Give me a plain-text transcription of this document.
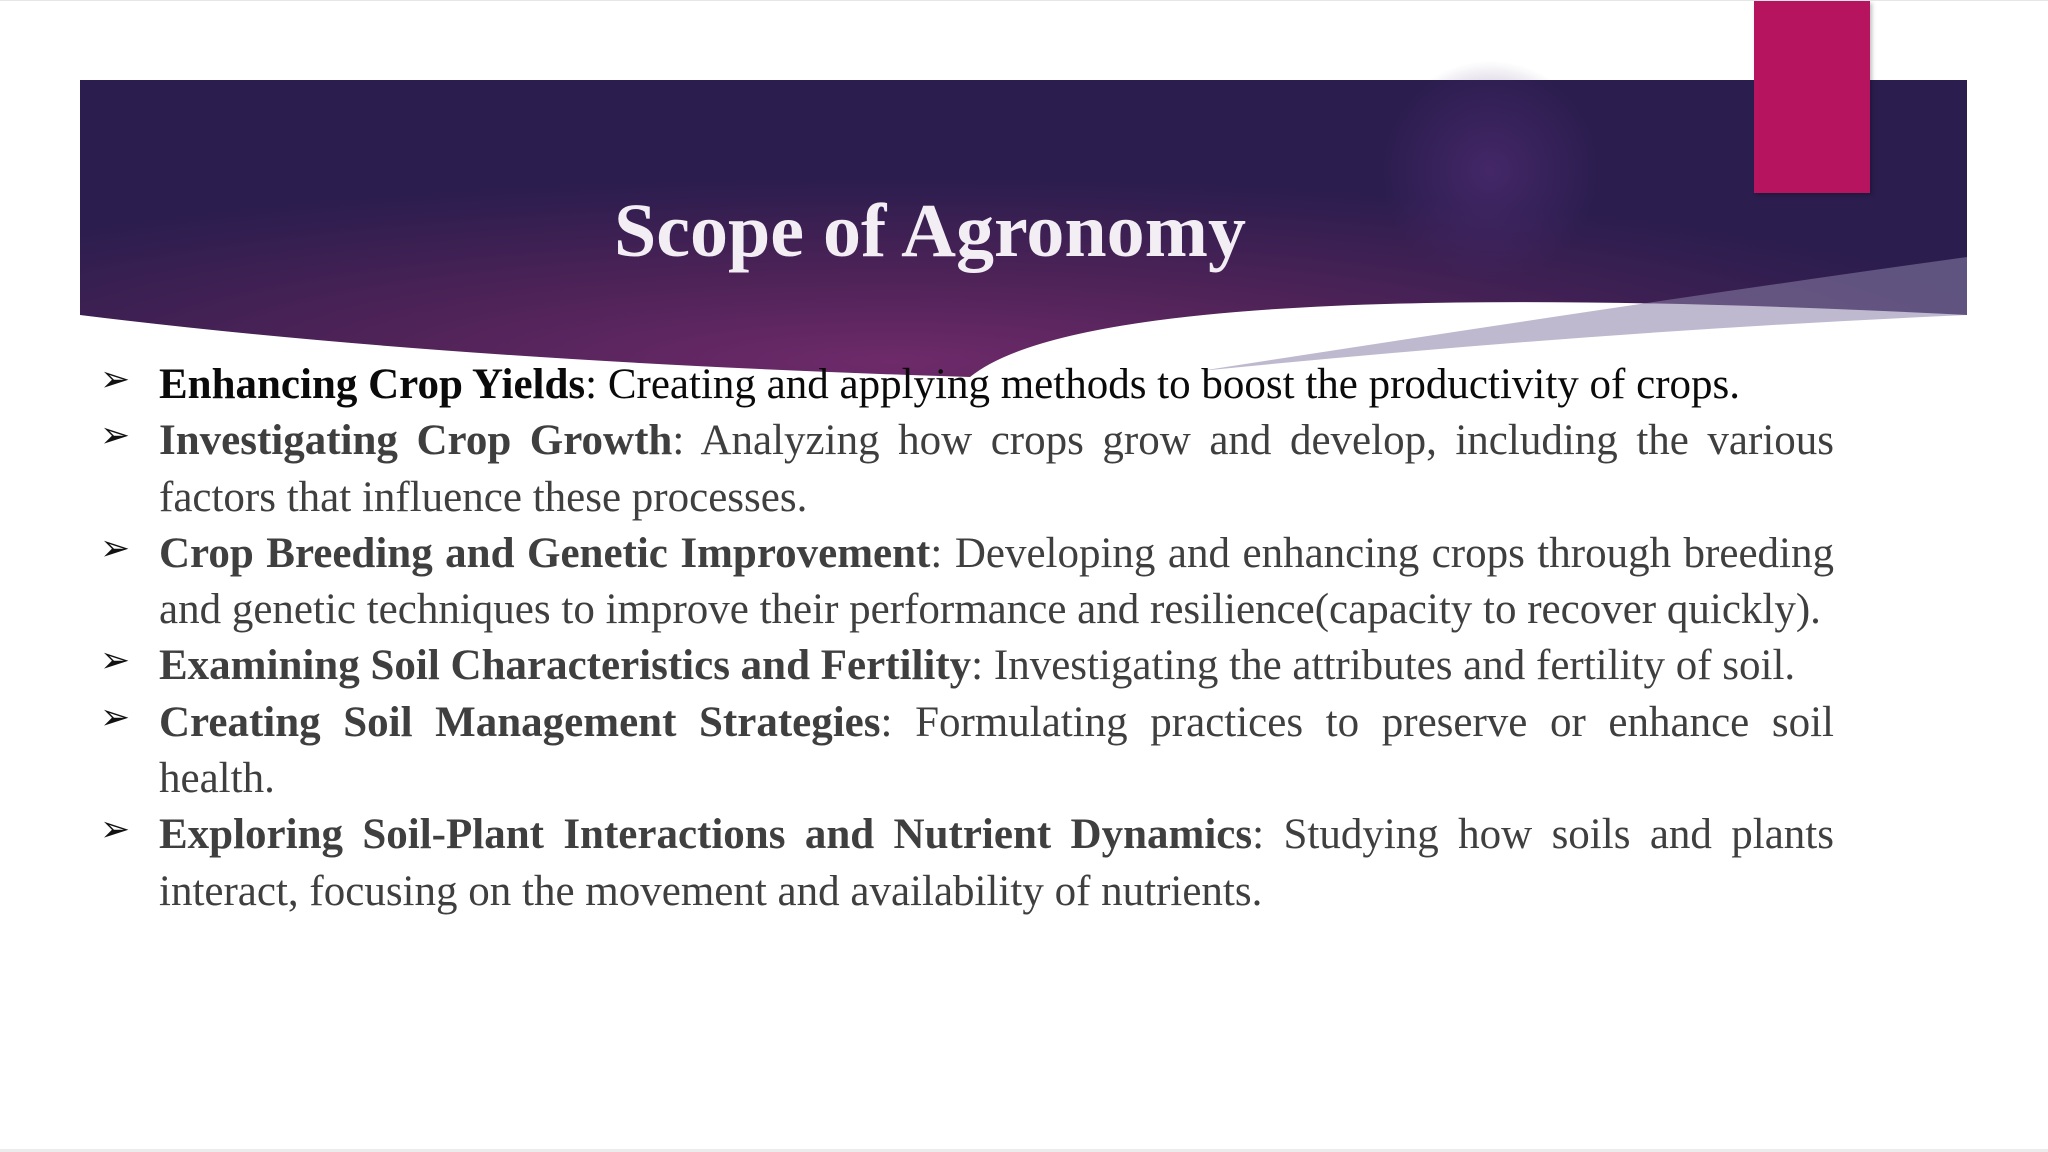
Scope of Agronomy
➢ Enhancing Crop Yields: Creating and applying methods to boost the productivity of crops.
➢ Investigating Crop Growth: Analyzing how crops grow and develop, including the various factors that influence these processes.
➢ Crop Breeding and Genetic Improvement: Developing and enhancing crops through breeding and genetic techniques to improve their performance and resilience(capacity to recover quickly).
➢ Examining Soil Characteristics and Fertility: Investigating the attributes and fertility of soil.
➢ Creating Soil Management Strategies: Formulating practices to preserve or enhance soil health.
➢ Exploring Soil-Plant Interactions and Nutrient Dynamics: Studying how soils and plants interact, focusing on the movement and availability of nutrients.
